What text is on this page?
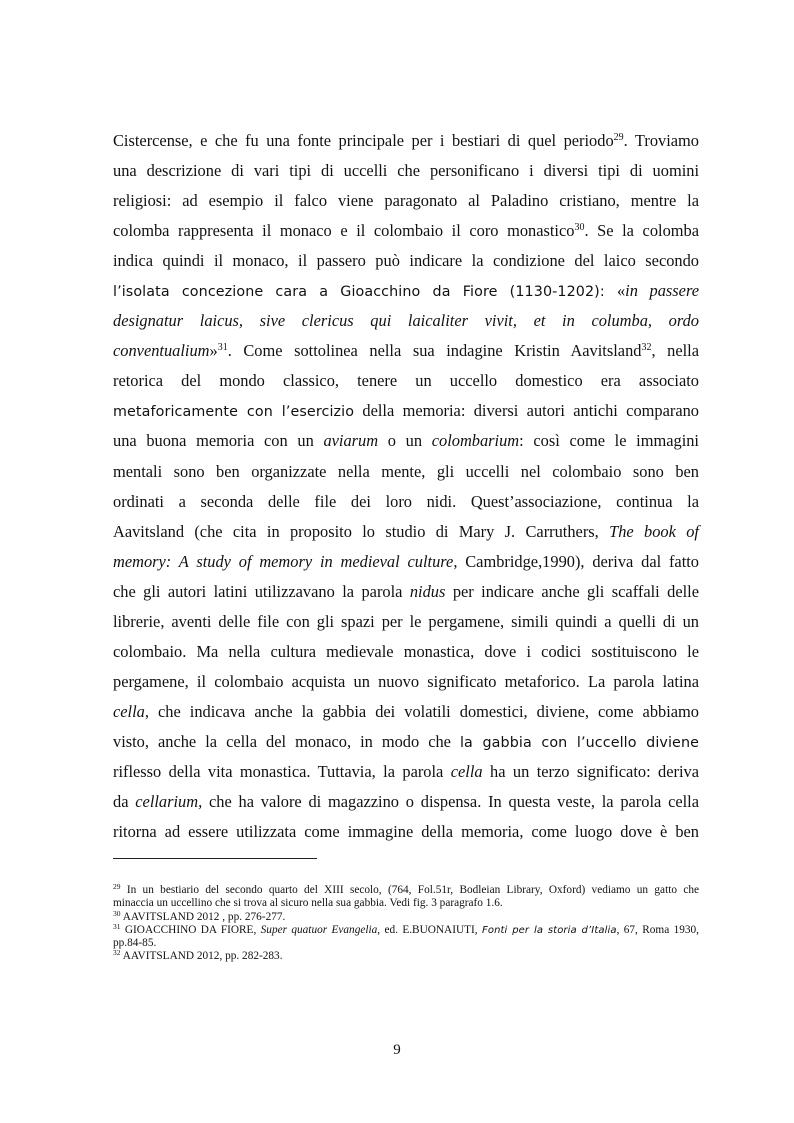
Cistercense, e che fu una fonte principale per i bestiari di quel periodo$^{29}$. Troviamo
una descrizione di vari tipi di uccelli che personificano i diversi tipi di uomini
religiosi: ad esempio il falco viene paragonato al Paladino cristiano, mentre la
colomba rappresenta il monaco e il colombaio il coro monastico$^{30}$. Se la colomba
indica quindi il monaco, il passero può indicare la condizione del laico secondo
l’isolata concezione cara a Gioacchino da Fiore (1130-1202): «in passere
designatur laicus, sive clericus qui laicaliter vivit, et in columba, ordo
conventualium»$^{31}$. Come sottolinea nella sua indagine Kristin Aavitsland$^{32}$, nella
retorica del mondo classico, tenere un uccello domestico era associato
metaforicamente con l’esercizio della memoria: diversi autori antichi comparano
una buona memoria con un aviarum o un colombarium: così come le immagini
mentali sono ben organizzate nella mente, gli uccelli nel colombaio sono ben
ordinati a seconda delle file dei loro nidi. Quest’associazione, continua la
Aavitsland (che cita in proposito lo studio di Mary J. Carruthers, The book of
memory: A study of memory in medieval culture, Cambridge,1990), deriva dal fatto
che gli autori latini utilizzavano la parola nidus per indicare anche gli scaffali delle
librerie, aventi delle file con gli spazi per le pergamene, simili quindi a quelli di un
colombaio. Ma nella cultura medievale monastica, dove i codici sostituiscono le
pergamene, il colombaio acquista un nuovo significato metaforico. La parola latina
cella, che indicava anche la gabbia dei volatili domestici, diviene, come abbiamo
visto, anche la cella del monaco, in modo che la gabbia con l’uccello diviene
riflesso della vita monastica. Tuttavia, la parola cella ha un terzo significato: deriva
da cellarium, che ha valore di magazzino o dispensa. In questa veste, la parola cella
ritorna ad essere utilizzata come immagine della memoria, come luogo dove è ben
$^{29}$ In un bestiario del secondo quarto del XIII secolo, (764, Fol.51r, Bodleian Library, Oxford) vediamo un gatto che
minaccia un uccellino che si trova al sicuro nella sua gabbia. Vedi fig. 3 paragrafo 1.6.
$^{30}$ AAVITSLAND 2012 , pp. 276-277.
$^{31}$ GIOACCHINO DA FIORE, Super quatuor Evangelia, ed. E.BUONAIUTI, Fonti per la storia d’Italia, 67, Roma 1930,
pp.84-85.
$^{32}$ AAVITSLAND 2012, pp. 282-283.
9
